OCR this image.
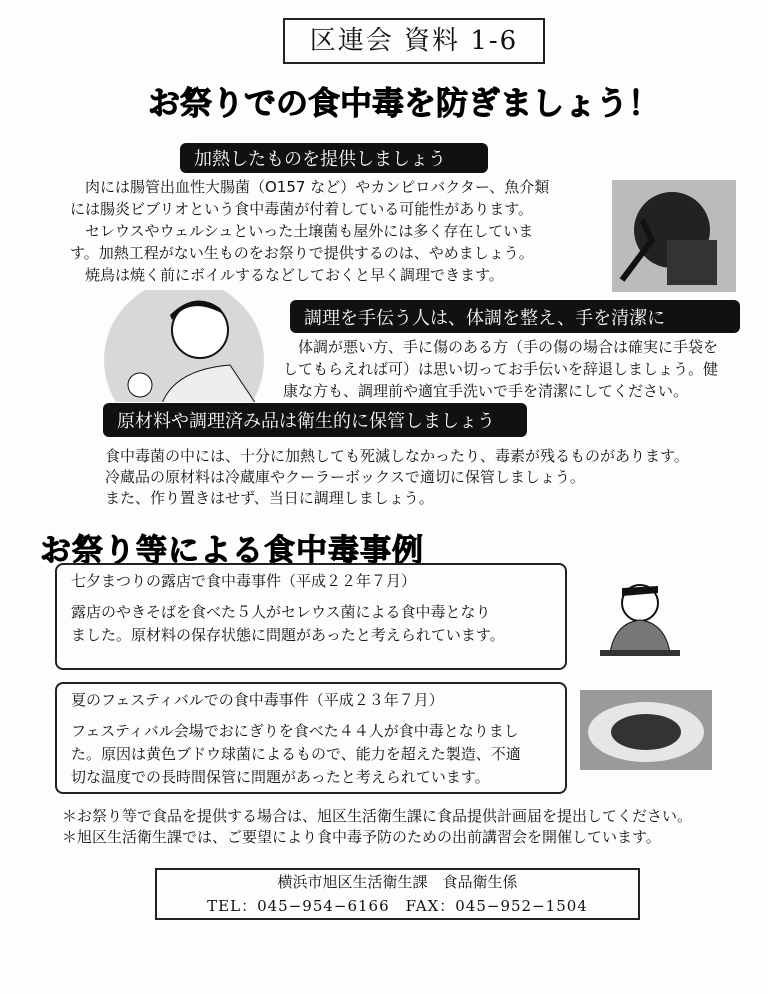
区連会 資料 1-6
お祭りでの食中毒を防ぎましょう！
加熱したものを提供しましょう

肉には腸管出血性大腸菌（O157 など）やカンピロバクター、魚介類

には腸炎ビブリオという食中毒菌が付着している可能性があります。

セレウスやウェルシュといった土壌菌も屋外には多く存在していま

す。加熱工程がない生ものをお祭りで提供するのは、やめましょう。

焼鳥は焼く前にボイルするなどしておくと早く調理できます。

調理を手伝う人は、体調を整え、手を清潔に

体調が悪い方、手に傷のある方（手の傷の場合は確実に手袋を

してもらえれば可）は思い切ってお手伝いを辞退しましょう。健

康な方も、調理前や適宜手洗いで手を清潔にしてください。

原材料や調理済み品は衛生的に保管しましょう

食中毒菌の中には、十分に加熱しても死滅しなかったり、毒素が残るものがあります。

冷蔵品の原材料は冷蔵庫やクーラーボックスで適切に保管しましょう。

また、作り置きはせず、当日に調理しましょう。

お祭り等による食中毒事例
七夕まつりの露店で食中毒事件（平成２２年７月）
露店のやきそばを食べた５人がセレウス菌による食中毒となり
ました。原材料の保存状態に問題があったと考えられています。
夏のフェスティバルでの食中毒事件（平成２３年７月）
フェスティバル会場でおにぎりを食べた４４人が食中毒となりまし
た。原因は黄色ブドウ球菌によるもので、能力を超えた製造、不適
切な温度での長時間保管に問題があったと考えられています。
＊お祭り等で食品を提供する場合は、旭区生活衛生課に食品提供計画届を提出してください。
＊旭区生活衛生課では、ご要望により食中毒予防のための出前講習会を開催しています。
横浜市旭区生活衛生課　食品衛生係
TEL：045−954−6166　FAX：045−952−1504
